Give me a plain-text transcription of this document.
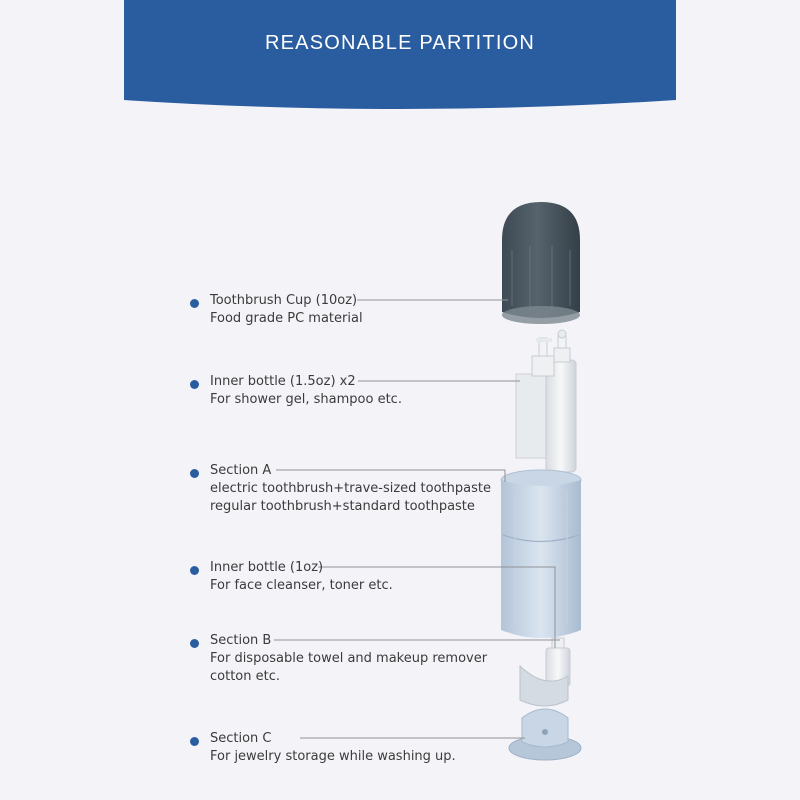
REASONABLE PARTITION
Toothbrush Cup (10oz)
Food grade PC material
Inner bottle (1.5oz) x2
For shower gel, shampoo etc.
Section A
electric toothbrush+trave-sized toothpaste
regular toothbrush+standard toothpaste
Inner bottle (1oz)
For face cleanser, toner etc.
Section B
For disposable towel and makeup remover
cotton etc.
Section C
For jewelry storage while washing up.
